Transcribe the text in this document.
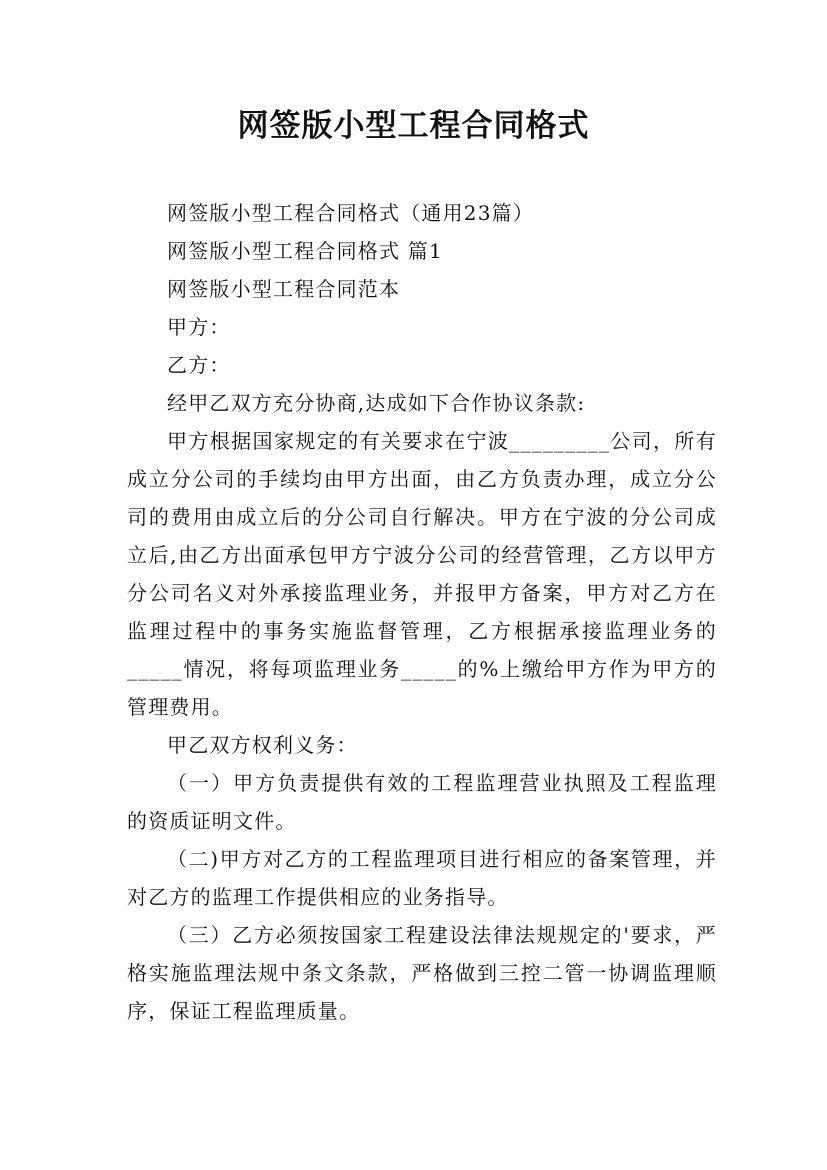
网签版小型工程合同格式

网签版小型工程合同格式（通用23篇）

网签版小型工程合同格式 篇1

网签版小型工程合同范本

甲方：

乙方：

经甲乙双方充分协商,达成如下合作协议条款:

甲方根据国家规定的有关要求在宁波_________公司，所有成立分公司的手续均由甲方出面，由乙方负责办理，成立分公司的费用由成立后的分公司自行解决。甲方在宁波的分公司成立后,由乙方出面承包甲方宁波分公司的经营管理，乙方以甲方分公司名义对外承接监理业务，并报甲方备案，甲方对乙方在监理过程中的事务实施监督管理，乙方根据承接监理业务的_____情况，将每项监理业务_____的%上缴给甲方作为甲方的管理费用。

甲乙双方权利义务：

（一）甲方负责提供有效的工程监理营业执照及工程监理的资质证明文件。

（二)甲方对乙方的工程监理项目进行相应的备案管理，并对乙方的监理工作提供相应的业务指导。

（三）乙方必须按国家工程建设法律法规规定的'要求，严格实施监理法规中条文条款，严格做到三控二管一协调监理顺序，保证工程监理质量。
